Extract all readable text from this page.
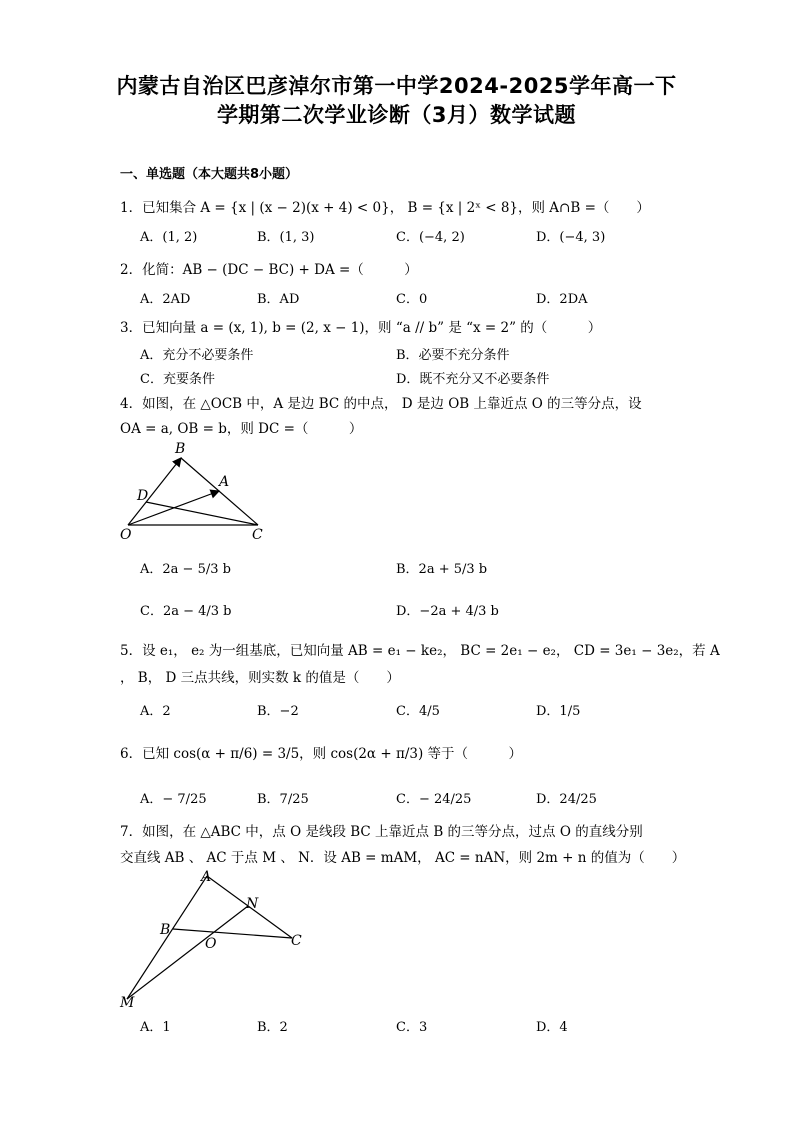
内蒙古自治区巴彦淖尔市第一中学2024-2025学年高一下
学期第二次学业诊断（3月）数学试题
一、单选题（本大题共8小题）
1．已知集合 A = {x | (x − 2)(x + 4) < 0}， B = {x | 2ˣ < 8}，则 A∩B =（　　）
A．(1, 2)	B．(1, 3)	C．(−4, 2)	D．(−4, 3)
2．化简：AB − (DC − BC) + DA =（　　　）
A．2AD	B．AD	C．0	D．2DA
3．已知向量 a = (x, 1), b = (2, x − 1)，则 “a // b” 是 “x = 2” 的（　　　）
A．充分不必要条件	B．必要不充分条件
C．充要条件	D．既不充分又不必要条件
4．如图，在 △OCB 中，A 是边 BC 的中点， D 是边 OB 上靠近点 O 的三等分点，设
OA = a, OB = b，则 DC =（　　　）
B
A
D
O	C
A．2a − 5/3 b	B．2a + 5/3 b
C．2a − 4/3 b	D．−2a + 4/3 b
5．设 e₁， e₂ 为一组基底，已知向量 AB = e₁ − ke₂， BC = 2e₁ − e₂， CD = 3e₁ − 3e₂，若 A
， B， D 三点共线，则实数 k 的值是（　　）
A．2	B．−2	C．4/5	D．1/5
6．已知 cos(α + π/6) = 3/5，则 cos(2α + π/3) 等于（　　　）
A．− 7/25	B．7/25	C．− 24/25	D．24/25
7．如图，在 △ABC 中，点 O 是线段 BC 上靠近点 B 的三等分点，过点 O 的直线分别
交直线 AB 、 AC 于点 M 、 N．设 AB = mAM， AC = nAN，则 2m + n 的值为（　　）
A
N
B
O	C
M
A．1	B．2	C．3	D．4
